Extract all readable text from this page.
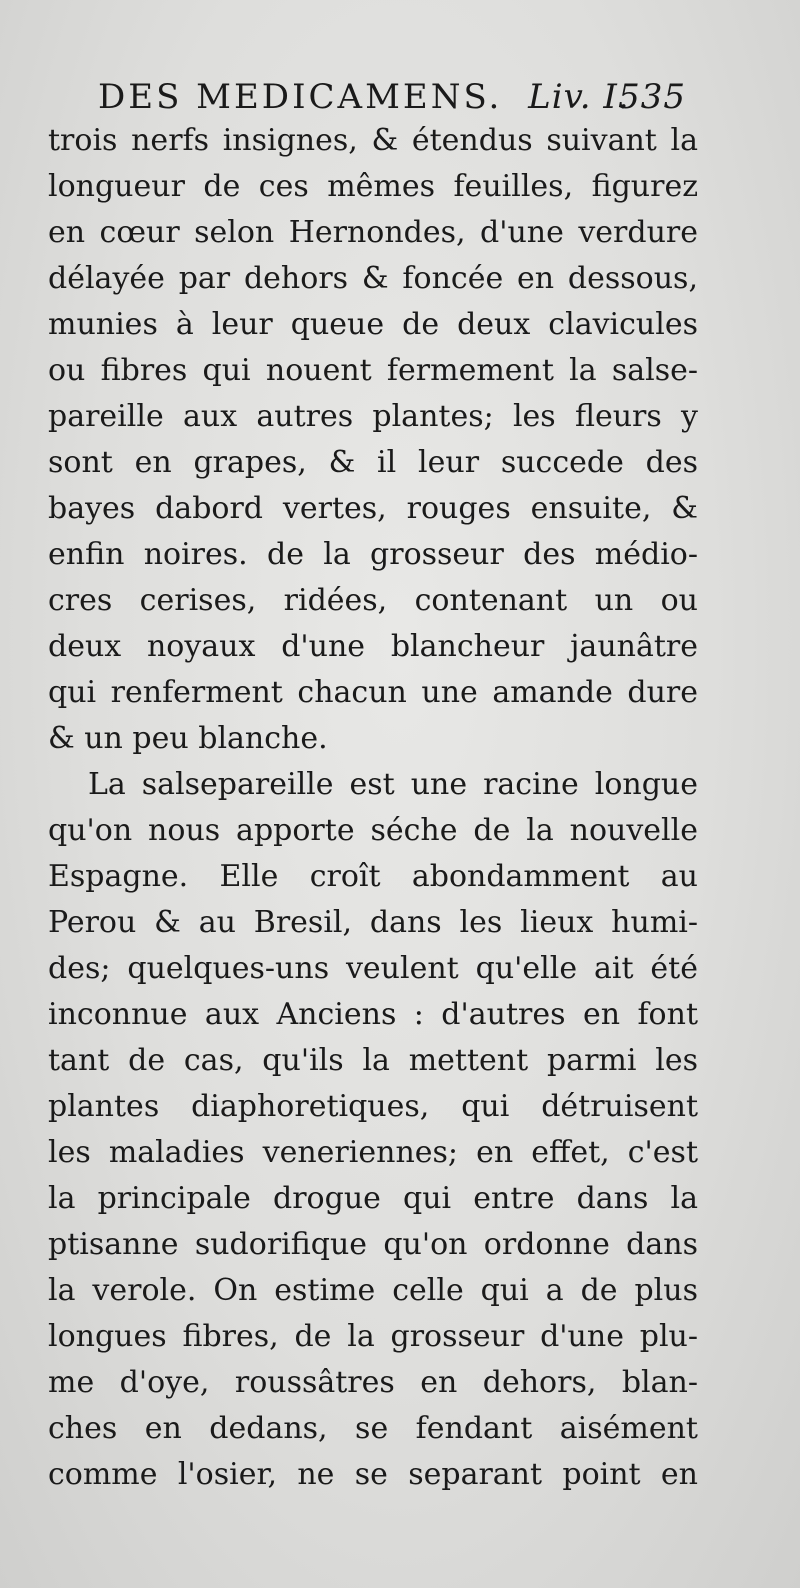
DES MEDICAMENS. Liv. I.
535
trois nerfs insignes, & étendus suivant la
longueur de ces mêmes feuilles, figurez
en cœur selon Hernondes, d'une verdure
délayée par dehors & foncée en dessous,
munies à leur queue de deux clavicules
ou fibres qui nouent fermement la salse-
pareille aux autres plantes; les fleurs y
sont en grapes, & il leur succede des
bayes dabord vertes, rouges ensuite, &
enfin noires. de la grosseur des médio-
cres cerises, ridées, contenant un ou
deux noyaux d'une blancheur jaunâtre
qui renferment chacun une amande dure
& un peu blanche.
La salsepareille est une racine longue
qu'on nous apporte séche de la nouvelle
Espagne. Elle croît abondamment au
Perou & au Bresil, dans les lieux humi-
des; quelques-uns veulent qu'elle ait été
inconnue aux Anciens : d'autres en font
tant de cas, qu'ils la mettent parmi les
plantes diaphoretiques, qui détruisent
les maladies veneriennes; en effet, c'est
la principale drogue qui entre dans la
ptisanne sudorifique qu'on ordonne dans
la verole. On estime celle qui a de plus
longues fibres, de la grosseur d'une plu-
me d'oye, roussâtres en dehors, blan-
ches en dedans, se fendant aisément
comme l'osier, ne se separant point en
